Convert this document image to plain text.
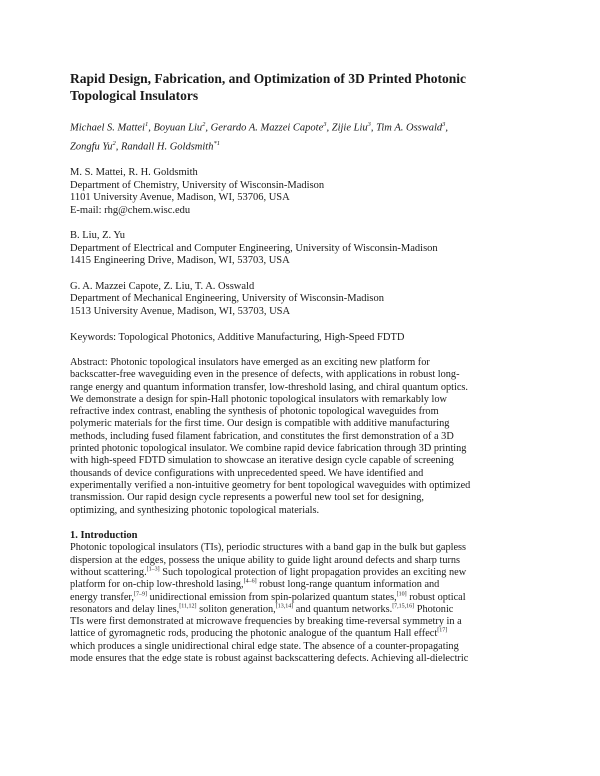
Rapid Design, Fabrication, and Optimization of 3D Printed Photonic
Topological Insulators
Michael S. Mattei$^1$, Boyuan Liu$^2$, Gerardo A. Mazzei Capote$^3$, Zijie Liu$^3$, Tim A. Osswald$^3$,
Zongfu Yu$^2$, Randall H. Goldsmith$^{*1}$
M. S. Mattei, R. H. Goldsmith
Department of Chemistry, University of Wisconsin-Madison
1101 University Avenue, Madison, WI, 53706, USA
E-mail: rhg@chem.wisc.edu
B. Liu, Z. Yu
Department of Electrical and Computer Engineering, University of Wisconsin-Madison
1415 Engineering Drive, Madison, WI, 53703, USA
G. A. Mazzei Capote, Z. Liu, T. A. Osswald
Department of Mechanical Engineering, University of Wisconsin-Madison
1513 University Avenue, Madison, WI, 53703, USA
Keywords: Topological Photonics, Additive Manufacturing, High-Speed FDTD
Abstract: Photonic topological insulators have emerged as an exciting new platform for
backscatter-free waveguiding even in the presence of defects, with applications in robust long-
range energy and quantum information transfer, low-threshold lasing, and chiral quantum optics.
We demonstrate a design for spin-Hall photonic topological insulators with remarkably low
refractive index contrast, enabling the synthesis of photonic topological waveguides from
polymeric materials for the first time. Our design is compatible with additive manufacturing
methods, including fused filament fabrication, and constitutes the first demonstration of a 3D
printed photonic topological insulator. We combine rapid device fabrication through 3D printing
with high-speed FDTD simulation to showcase an iterative design cycle capable of screening
thousands of device configurations with unprecedented speed. We have identified and
experimentally verified a non-intuitive geometry for bent topological waveguides with optimized
transmission. Our rapid design cycle represents a powerful new tool set for designing,
optimizing, and synthesizing photonic topological materials.
1. Introduction
Photonic topological insulators (TIs), periodic structures with a band gap in the bulk but gapless
dispersion at the edges, possess the unique ability to guide light around defects and sharp turns
without scattering.[1–3] Such topological protection of light propagation provides an exciting new
platform for on-chip low-threshold lasing,[4–6] robust long-range quantum information and
energy transfer,[7–9] unidirectional emission from spin-polarized quantum states,[10] robust optical
resonators and delay lines,[11,12] soliton generation,[13,14] and quantum networks.[7,15,16] Photonic
TIs were first demonstrated at microwave frequencies by breaking time-reversal symmetry in a
lattice of gyromagnetic rods, producing the photonic analogue of the quantum Hall effect[17]
which produces a single unidirectional chiral edge state. The absence of a counter-propagating
mode ensures that the edge state is robust against backscattering defects. Achieving all-dielectric
